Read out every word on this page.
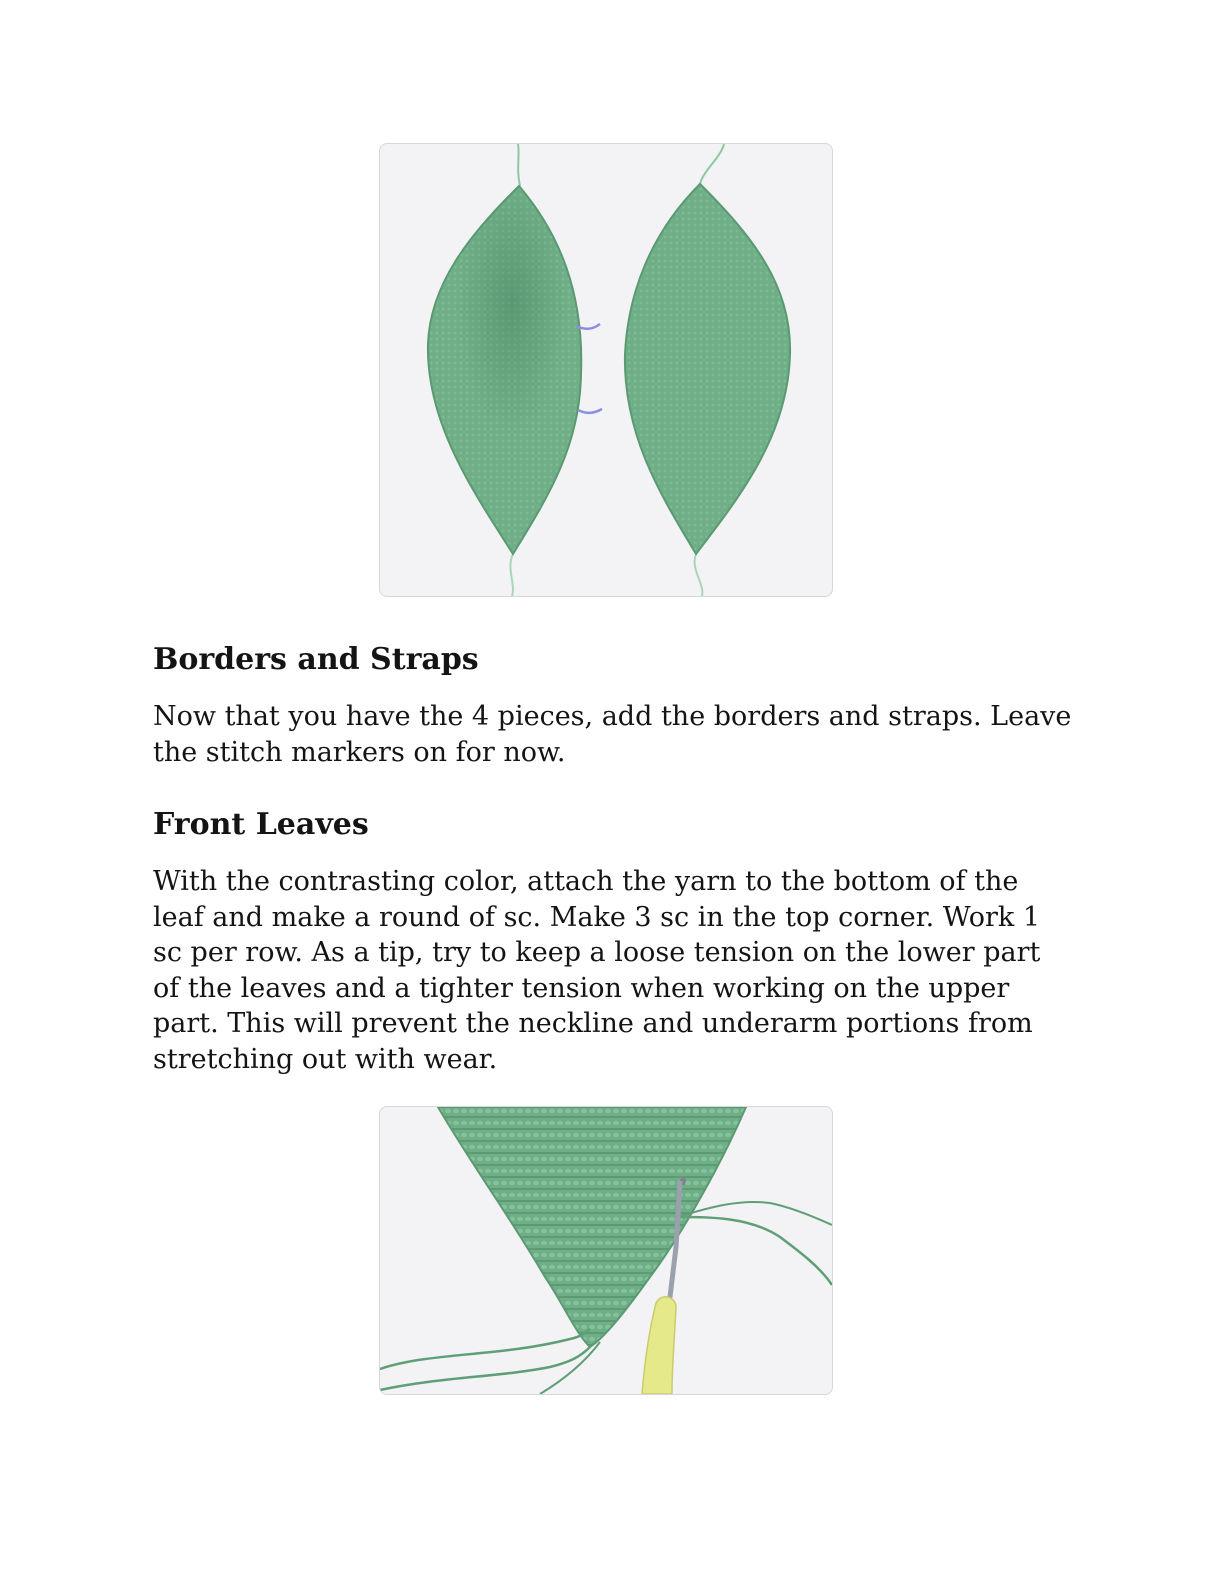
Borders and Straps

Now that you have the 4 pieces, add the borders and straps. Leave the stitch markers on for now.

Front Leaves

With the contrasting color, attach the yarn to the bottom of the leaf and make a round of sc. Make 3 sc in the top corner. Work 1 sc per row. As a tip, try to keep a loose tension on the lower part of the leaves and a tighter tension when working on the upper part. This will prevent the neckline and underarm portions from stretching out with wear.
